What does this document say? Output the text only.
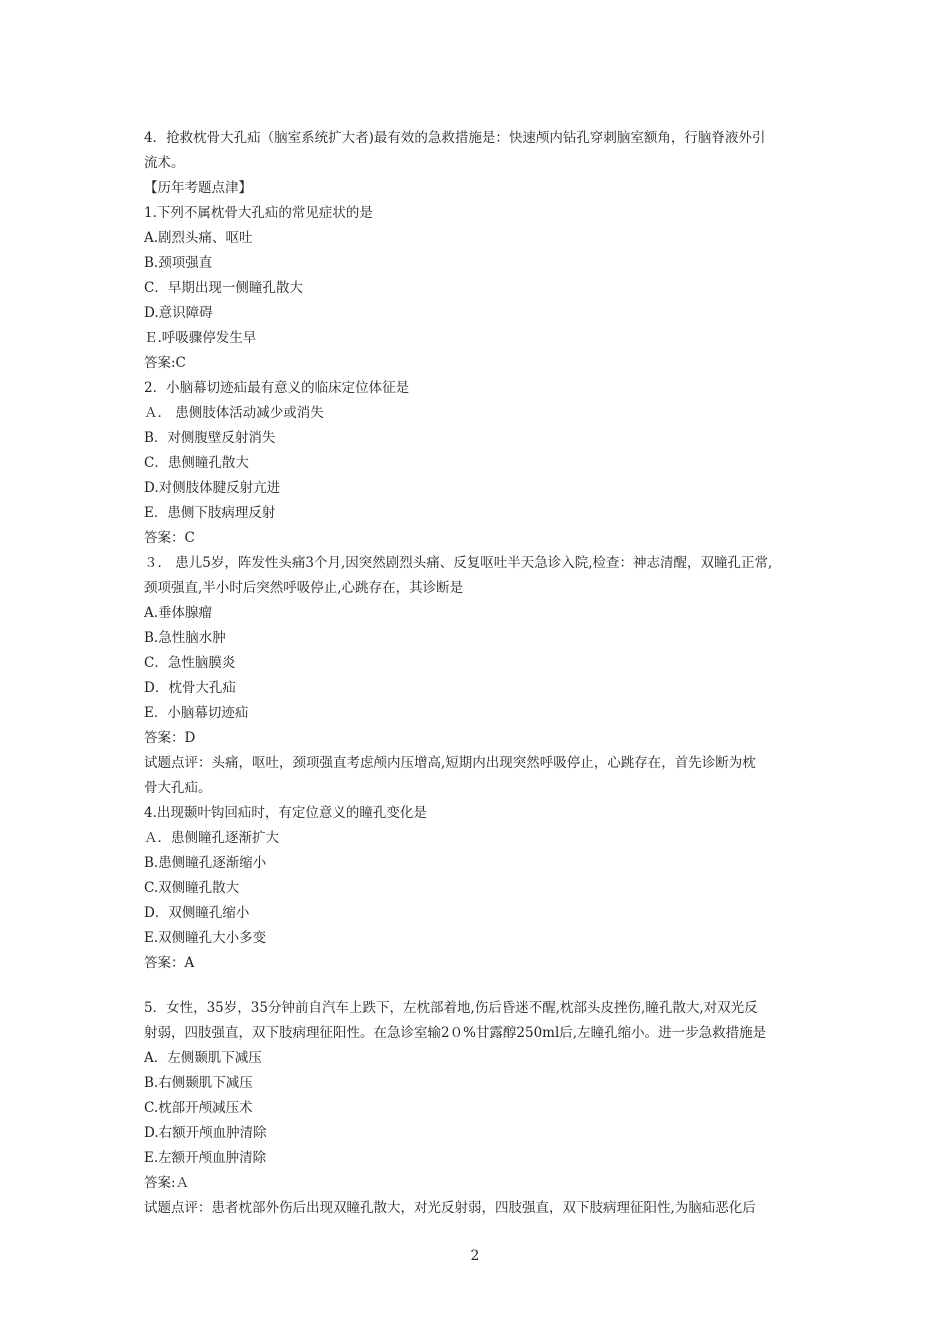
4．抢救枕骨大孔疝（脑室系统扩大者)最有效的急救措施是：快速颅内钻孔穿刺脑室额角，行脑脊液外引
流术。
【历年考题点津】
1.下列不属枕骨大孔疝的常见症状的是
A.剧烈头痛、呕吐
B.颈项强直
C．早期出现一侧瞳孔散大
D.意识障碍
Ｅ.呼吸骤停发生早
答案:C
2．小脑幕切迹疝最有意义的临床定位体征是
Ａ． 患侧肢体活动减少或消失
B．对侧腹壁反射消失
C．患侧瞳孔散大
D.对侧肢体腱反射亢进
E．患侧下肢病理反射
答案：C
３． 患儿5岁，阵发性头痛3个月,因突然剧烈头痛、反复呕吐半天急诊入院,检查：神志清醒，双瞳孔正常,
颈项强直,半小时后突然呼吸停止,心跳存在，其诊断是
A.垂体腺瘤
B.急性脑水肿
C．急性脑膜炎
D．枕骨大孔疝
E．小脑幕切迹疝
答案：D
试题点评：头痛，呕吐，颈项强直考虑颅内压增高,短期内出现突然呼吸停止，心跳存在，首先诊断为枕
骨大孔疝。
4.出现颞叶钩回疝时，有定位意义的瞳孔变化是
Ａ．患侧瞳孔逐渐扩大
B.患侧瞳孔逐渐缩小
C.双侧瞳孔散大
D．双侧瞳孔缩小
E.双侧瞳孔大小多变
答案：A
5．女性，35岁，35分钟前自汽车上跌下，左枕部着地,伤后昏迷不醒,枕部头皮挫伤,瞳孔散大,对双光反
射弱，四肢强直，双下肢病理征阳性。在急诊室输2０%甘露醇250ml后,左瞳孔缩小。进一步急救措施是
A．左侧颞肌下减压
B.右侧颞肌下减压
C.枕部开颅减压术
D.右额开颅血肿清除
E.左额开颅血肿清除
答案:Ａ
试题点评：患者枕部外伤后出现双瞳孔散大，对光反射弱，四肢强直，双下肢病理征阳性,为脑疝恶化后
2
